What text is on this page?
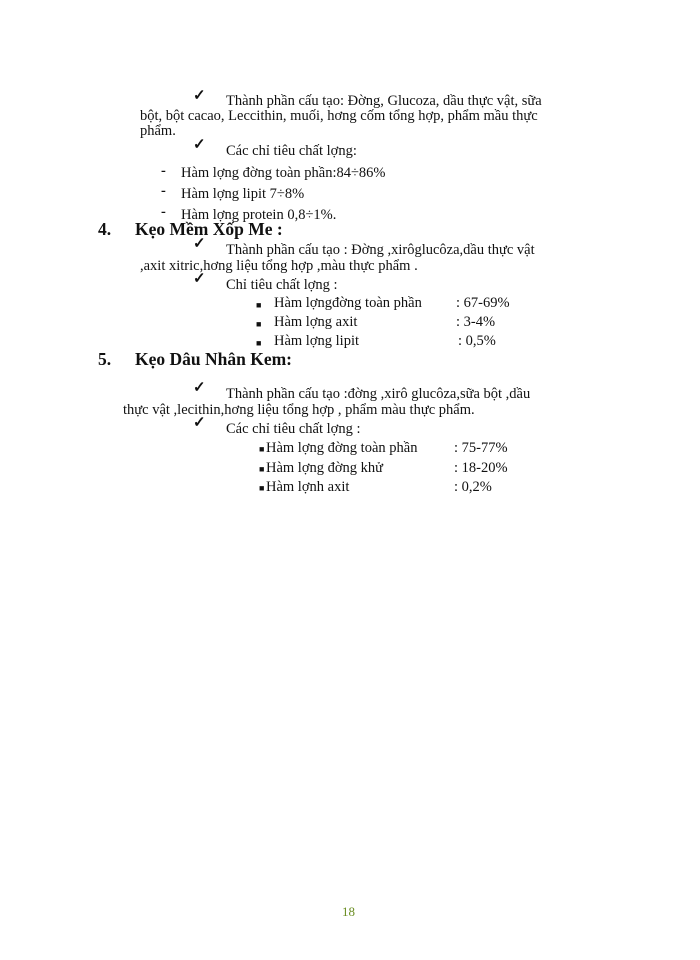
✓ Thành phần cấu tạo: Đờng, Glucoza, dầu thực vật, sữa
bột, bột cacao, Leccithin, muối, hơng cốm tổng hợp, phẩm mầu thực
phẩm.
✓ Các chỉ tiêu chất lợng:
- Hàm lợng đờng toàn phần:84÷86%
- Hàm lợng lipit 7÷8%
- Hàm lợng protein 0,8÷1%.
4. Kẹo Mềm Xốp Me :
✓ Thành phần cấu tạo : Đờng ,xirôglucôza,dầu thực vật
,axit xitric,hơng liệu tổng hợp ,màu thực phẩm .
✓ Chỉ tiêu chất lợng :
■ Hàm lợngđờng toàn phần : 67-69%
■ Hàm lợng axit	: 3-4%
■ Hàm lợng lipit	: 0,5%
5. Kẹo Dâu Nhân Kem:
✓ Thành phần cấu tạo :đờng ,xirô glucôza,sữa bột ,dầu
thực vật ,lecithin,hơng liệu tổng hợp , phẩm màu thực phẩm.
✓ Các chỉ tiêu chất lợng :
■ Hàm lợng đờng toàn phần	: 75-77%
■ Hàm lợng đờng khử	: 18-20%
■ Hàm lợnh axit	: 0,2%
18
